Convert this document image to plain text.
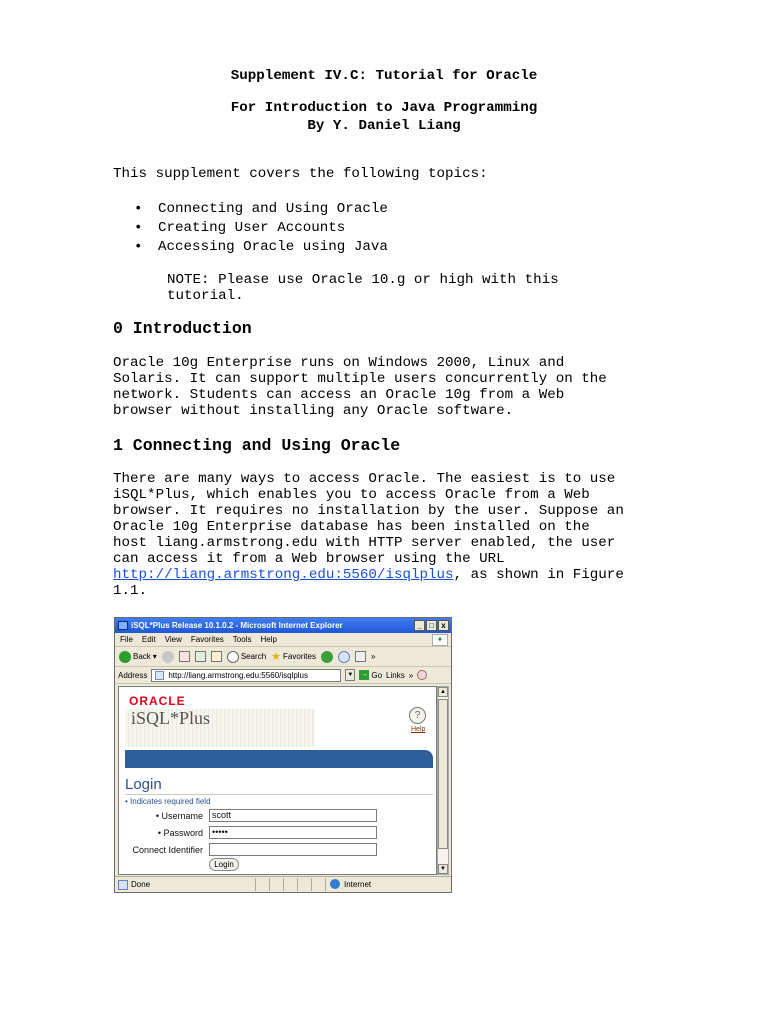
Supplement IV.C: Tutorial for Oracle
For Introduction to Java Programming
By Y. Daniel Liang
This supplement covers the following topics:
• Connecting and Using Oracle
• Creating User Accounts
• Accessing Oracle using Java
NOTE: Please use Oracle 10.g or high with this
tutorial.
0 Introduction
Oracle 10g Enterprise runs on Windows 2000, Linux and
Solaris. It can support multiple users concurrently on the
network. Students can access an Oracle 10g from a Web
browser without installing any Oracle software.
1 Connecting and Using Oracle
There are many ways to access Oracle. The easiest is to use
iSQL*Plus, which enables you to access Oracle from a Web
browser. It requires no installation by the user. Suppose an
Oracle 10g Enterprise database has been installed on the
host liang.armstrong.edu with HTTP server enabled, the user
can access it from a Web browser using the URL
http://liang.armstrong.edu:5560/isqlplus, as shown in Figure
1.1.
iSQL*Plus Release 10.1.0.2 - Microsoft Internet Explorer	_ □ x
File Edit View Favorites Tools Help	✦
Back ▾	Search ★ Favorites	»
Address	http://liang.armstrong.edu:5560/isqlplus	▼ → Go Links »
ORACLE
iSQL*Plus	?
Help
Login
• Indicates required field
• Username	scott
• Password	•••••
Connect Identifier
Login
▲
▼
Done	Internet
